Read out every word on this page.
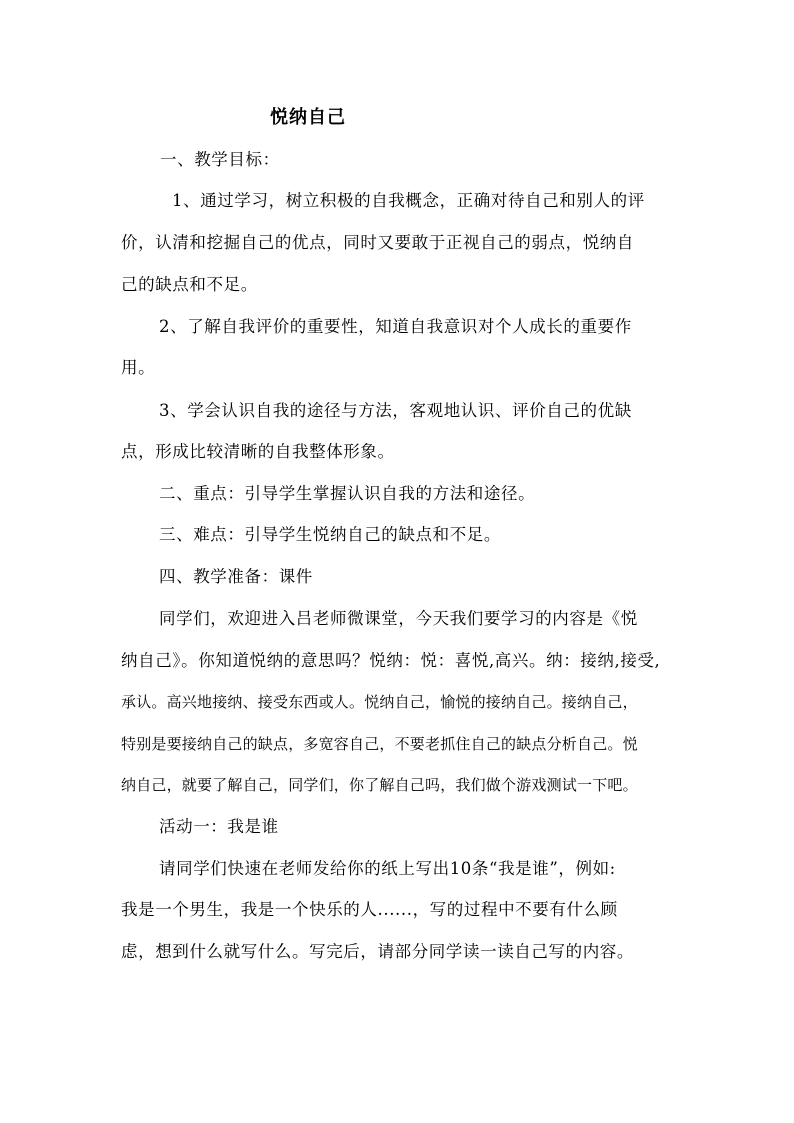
悦纳自己
一、教学目标：
1、通过学习，树立积极的自我概念，正确对待自己和别人的评
价，认清和挖掘自己的优点，同时又要敢于正视自己的弱点，悦纳自
己的缺点和不足。
2、了解自我评价的重要性，知道自我意识对个人成长的重要作
用。
3、学会认识自我的途径与方法，客观地认识、评价自己的优缺
点，形成比较清晰的自我整体形象。
二、重点：引导学生掌握认识自我的方法和途径。
三、难点：引导学生悦纳自己的缺点和不足。
四、教学准备：课件
同学们，欢迎进入吕老师微课堂，今天我们要学习的内容是《悦
纳自己》。你知道悦纳的意思吗？悦纳：悦：喜悦,高兴。纳：接纳,接受,
承认。高兴地接纳、接受东西或人。悦纳自己，愉悦的接纳自己。接纳自己，
特别是要接纳自己的缺点，多宽容自己，不要老抓住自己的缺点分析自己。悦
纳自己，就要了解自己，同学们，你了解自己吗，我们做个游戏测试一下吧。
活动一：我是谁
请同学们快速在老师发给你的纸上写出10条“我是谁”，例如:
我是一个男生，我是一个快乐的人......，写的过程中不要有什么顾
虑，想到什么就写什么。写完后，请部分同学读一读自己写的内容。
